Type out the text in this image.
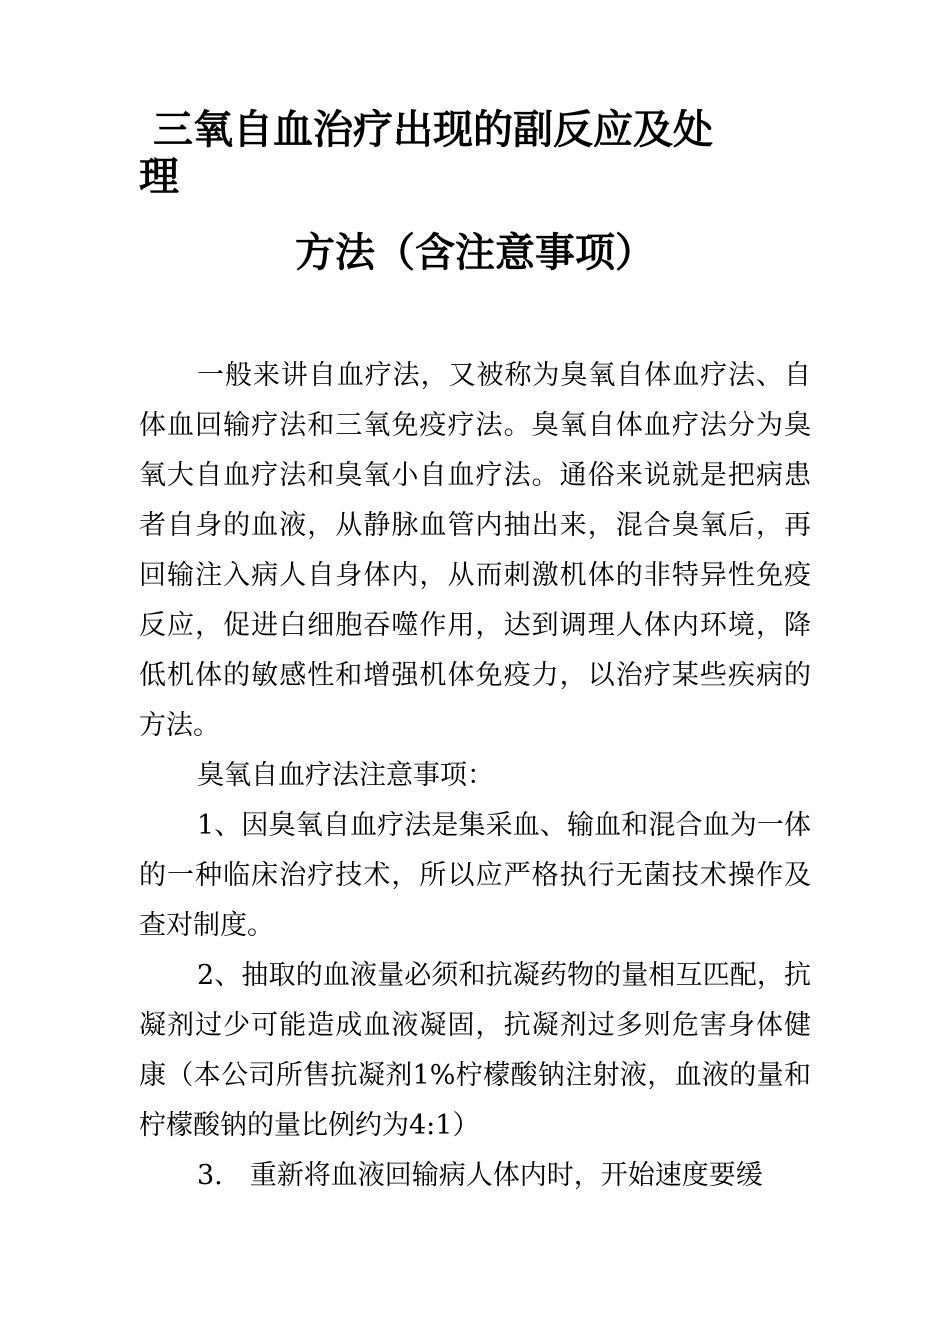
三氧自血治疗出现的副反应及处
理
方法（含注意事项）

一般来讲自血疗法，又被称为臭氧自体血疗法、自体血回输疗法和三氧免疫疗法。臭氧自体血疗法分为臭氧大自血疗法和臭氧小自血疗法。通俗来说就是把病患者自身的血液，从静脉血管内抽出来，混合臭氧后，再回输注入病人自身体内，从而刺激机体的非特异性免疫反应，促进白细胞吞噬作用，达到调理人体内环境，降低机体的敏感性和增强机体免疫力，以治疗某些疾病的方法。

臭氧自血疗法注意事项：

1、因臭氧自血疗法是集采血、输血和混合血为一体的一种临床治疗技术，所以应严格执行无菌技术操作及查对制度。

2、抽取的血液量必须和抗凝药物的量相互匹配，抗凝剂过少可能造成血液凝固，抗凝剂过多则危害身体健康（本公司所售抗凝剂1%柠檬酸钠注射液，血液的量和柠檬酸钠的量比例约为4:1）

3.　重新将血液回输病人体内时，开始速度要缓
